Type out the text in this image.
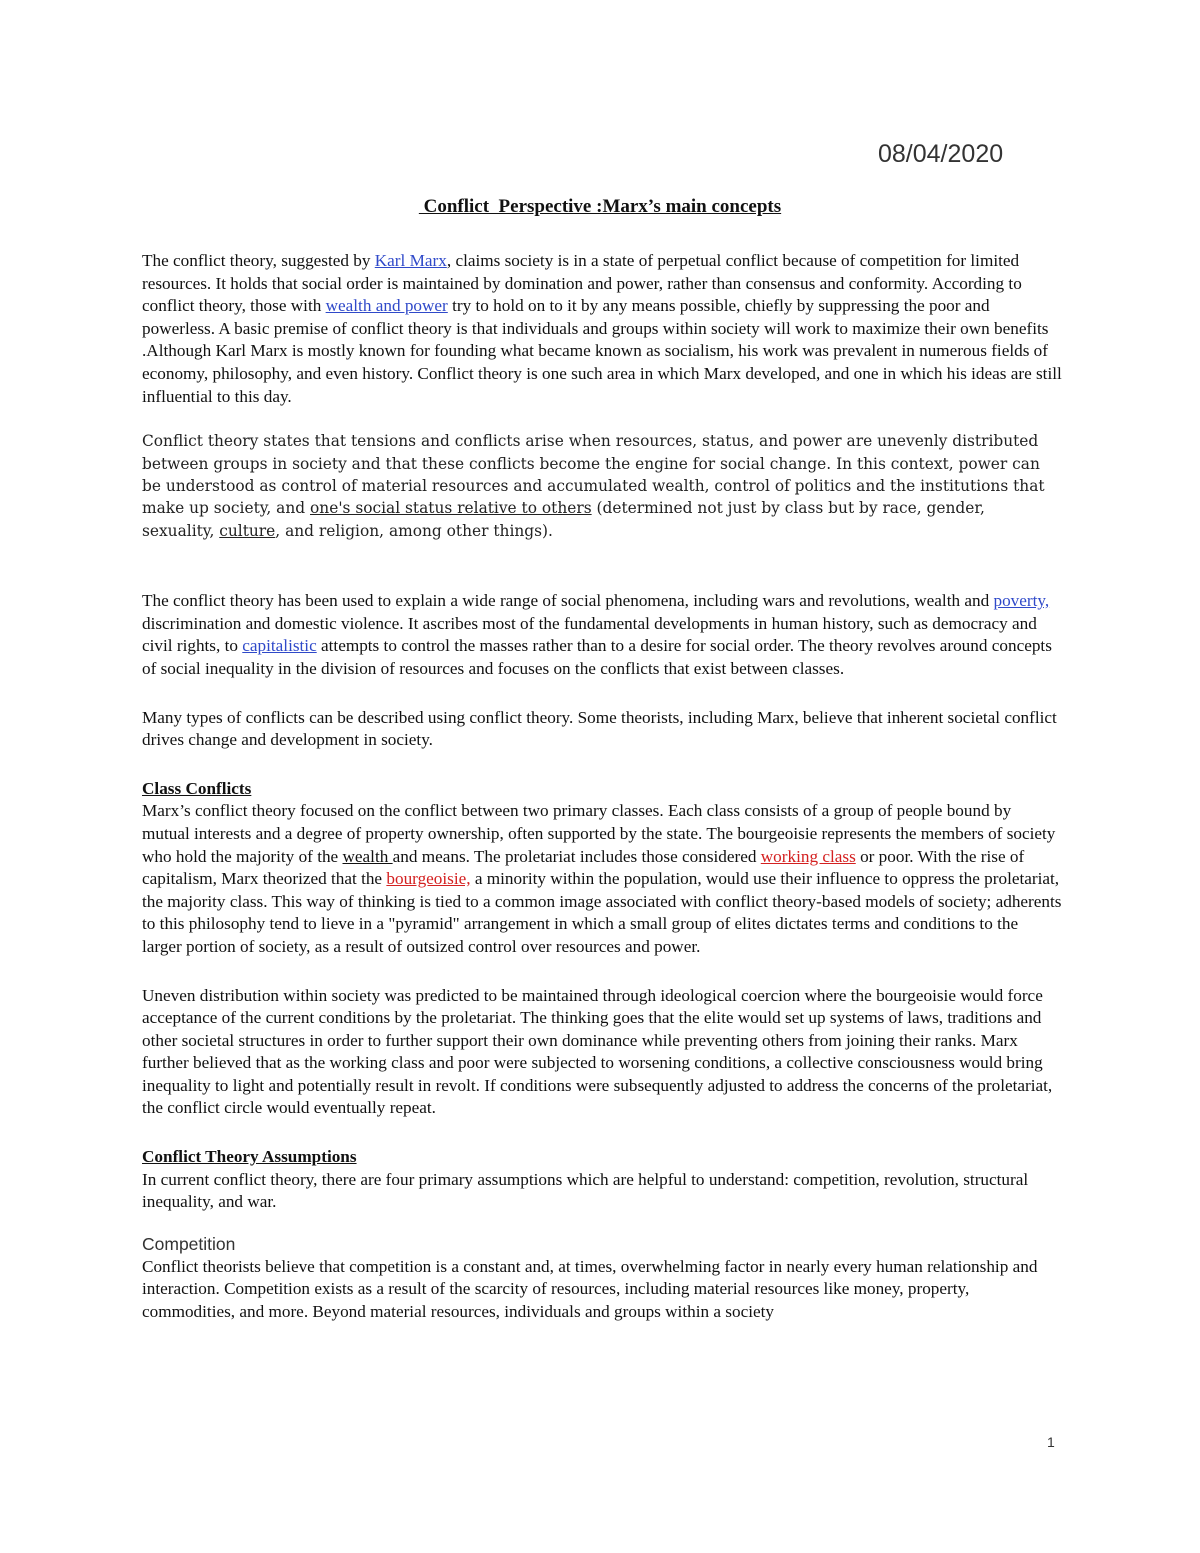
08/04/2020
Conflict  Perspective :Marx’s main concepts

The conflict theory, suggested by Karl Marx, claims society is in a state of perpetual conflict because of competition for limited resources. It holds that social order is maintained by domination and power, rather than consensus and conformity. According to conflict theory, those with wealth and power try to hold on to it by any means possible, chiefly by suppressing the poor and powerless. A basic premise of conflict theory is that individuals and groups within society will work to maximize their own benefits .Although Karl Marx is mostly known for founding what became known as socialism, his work was prevalent in numerous fields of economy, philosophy, and even history. Conflict theory is one such area in which Marx developed, and one in which his ideas are still influential to this day.

Conflict theory states that tensions and conflicts arise when resources, status, and power are unevenly distributed between groups in society and that these conflicts become the engine for social change. In this context, power can be understood as control of material resources and accumulated wealth, control of politics and the institutions that make up society, and one's social status relative to others (determined not just by class but by race, gender, sexuality, culture, and religion, among other things).

The conflict theory has been used to explain a wide range of social phenomena, including wars and revolutions, wealth and poverty, discrimination and domestic violence. It ascribes most of the fundamental developments in human history, such as democracy and civil rights, to capitalistic attempts to control the masses rather than to a desire for social order. The theory revolves around concepts of social inequality in the division of resources and focuses on the conflicts that exist between classes.

Many types of conflicts can be described using conflict theory. Some theorists, including Marx, believe that inherent societal conflict drives change and development in society.

Class Conflicts

Marx’s conflict theory focused on the conflict between two primary classes. Each class consists of a group of people bound by mutual interests and a degree of property ownership, often supported by the state. The bourgeoisie represents the members of society who hold the majority of the wealth and means. The proletariat includes those considered working class or poor. With the rise of capitalism, Marx theorized that the bourgeoisie, a minority within the population, would use their influence to oppress the proletariat, the majority class. This way of thinking is tied to a common image associated with conflict theory-based models of society; adherents to this philosophy tend to lieve in a "pyramid" arrangement in which a small group of elites dictates terms and conditions to the larger portion of society, as a result of outsized control over resources and power.

Uneven distribution within society was predicted to be maintained through ideological coercion where the bourgeoisie would force acceptance of the current conditions by the proletariat. The thinking goes that the elite would set up systems of laws, traditions and other societal structures in order to further support their own dominance while preventing others from joining their ranks. Marx further believed that as the working class and poor were subjected to worsening conditions, a collective consciousness would bring inequality to light and potentially result in revolt. If conditions were subsequently adjusted to address the concerns of the proletariat, the conflict circle would eventually repeat.

Conflict Theory Assumptions

In current conflict theory, there are four primary assumptions which are helpful to understand: competition, revolution, structural inequality, and war.

Competition

Conflict theorists believe that competition is a constant and, at times, overwhelming factor in nearly every human relationship and interaction. Competition exists as a result of the scarcity of resources, including material resources like money, property, commodities, and more. Beyond material resources, individuals and groups within a society

1
